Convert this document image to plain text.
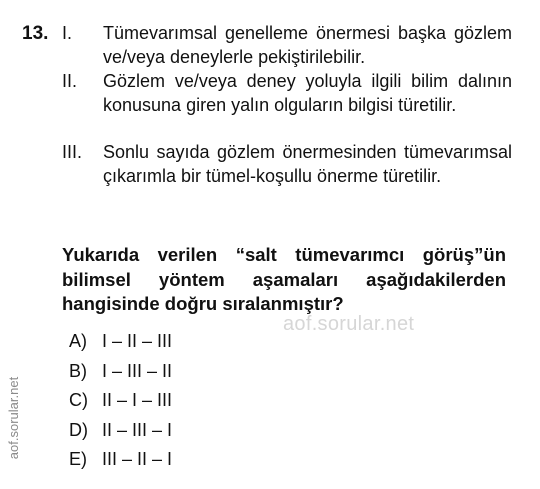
13. I.	Tümevarımsal genelleme önermesi başka gözlem ve/veya deneylerle pekiştirilebilir.
II.	Gözlem ve/veya deney yoluyla ilgili bilim dalının konusuna giren yalın olguların bilgisi türetilir.
III.	Sonlu sayıda gözlem önermesinden tümevarımsal çıkarımla bir tümel-koşullu önerme türetilir.
Yukarıda verilen “salt tümevarımcı görüş”ün bilimsel yöntem aşamaları aşağıdakilerden hangisinde doğru sıralanmıştır?
aof.sorular.net
A) I – II – III
B) I – III – II
C) II – I – III
D) II – III – I
E) III – II – I
aof.sorular.net
